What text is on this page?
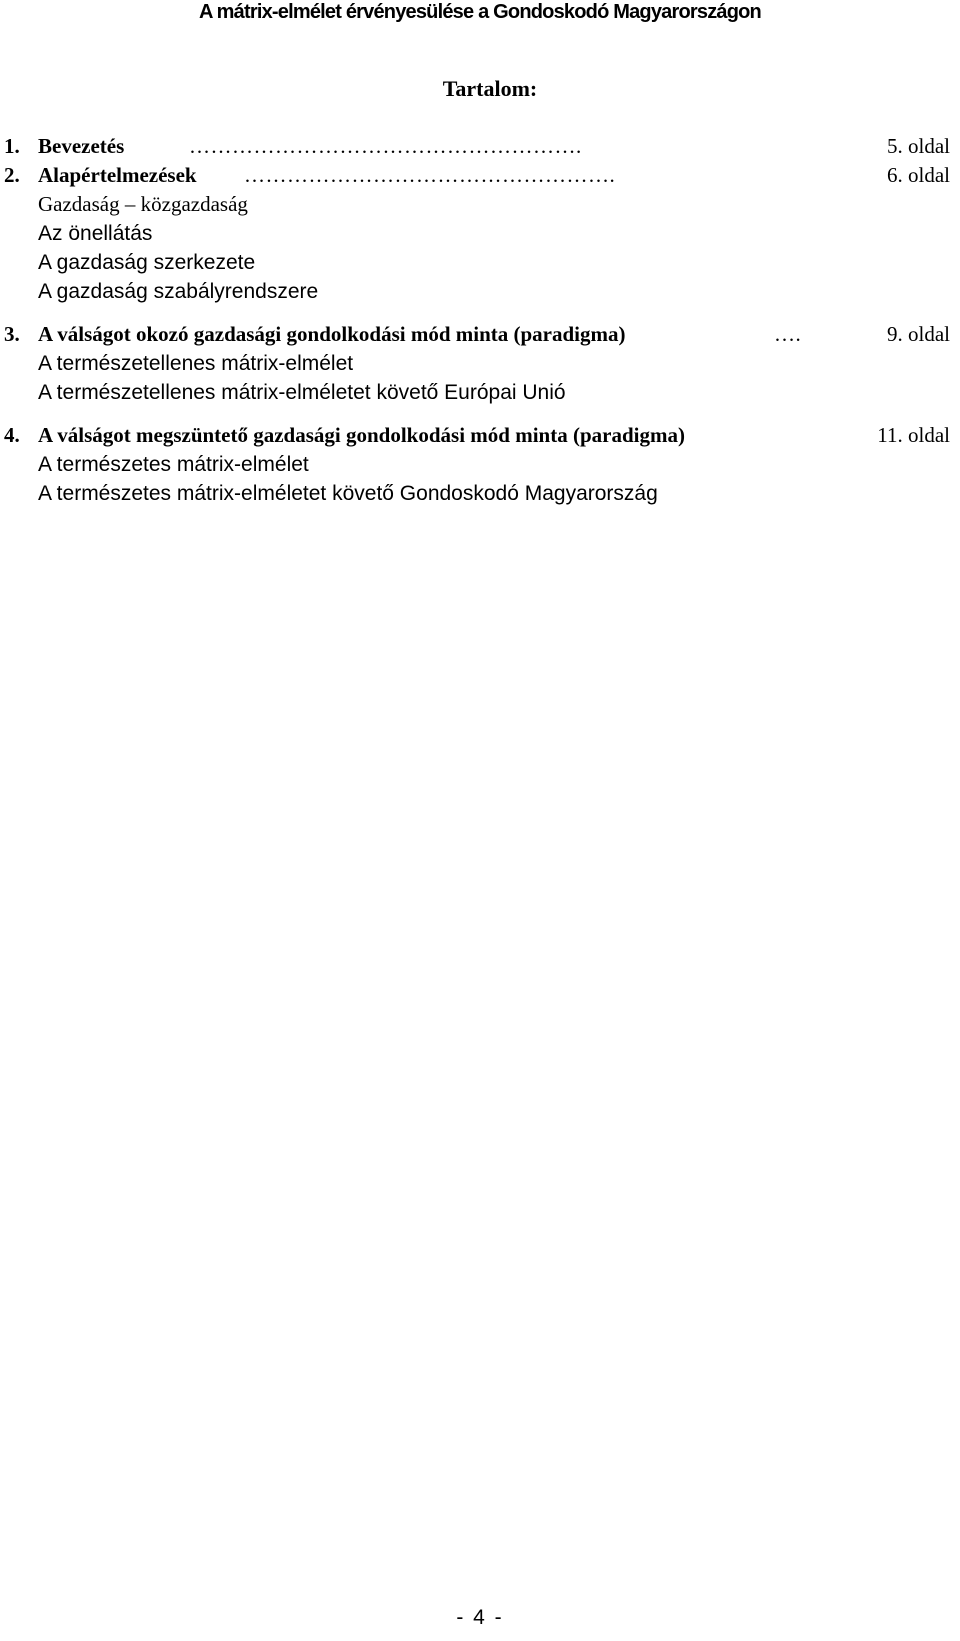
A mátrix-elmélet érvényesülése a Gondoskodó Magyarországon
Tartalom:
1. Bevezetés	……………………………………………….	5. oldal
2. Alapértelmezések …………………………………………….	6. oldal
Gazdaság – közgazdaság
Az önellátás
A gazdaság szerkezete
A gazdaság szabályrendszere
3. A válságot okozó gazdasági gondolkodási mód minta (paradigma)	….	9. oldal
A természetellenes mátrix-elmélet
A természetellenes mátrix-elméletet követő Európai Unió
4. A válságot megszüntető gazdasági gondolkodási mód minta (paradigma)	11. oldal
A természetes mátrix-elmélet
A természetes mátrix-elméletet követő Gondoskodó Magyarország
- 4 -
